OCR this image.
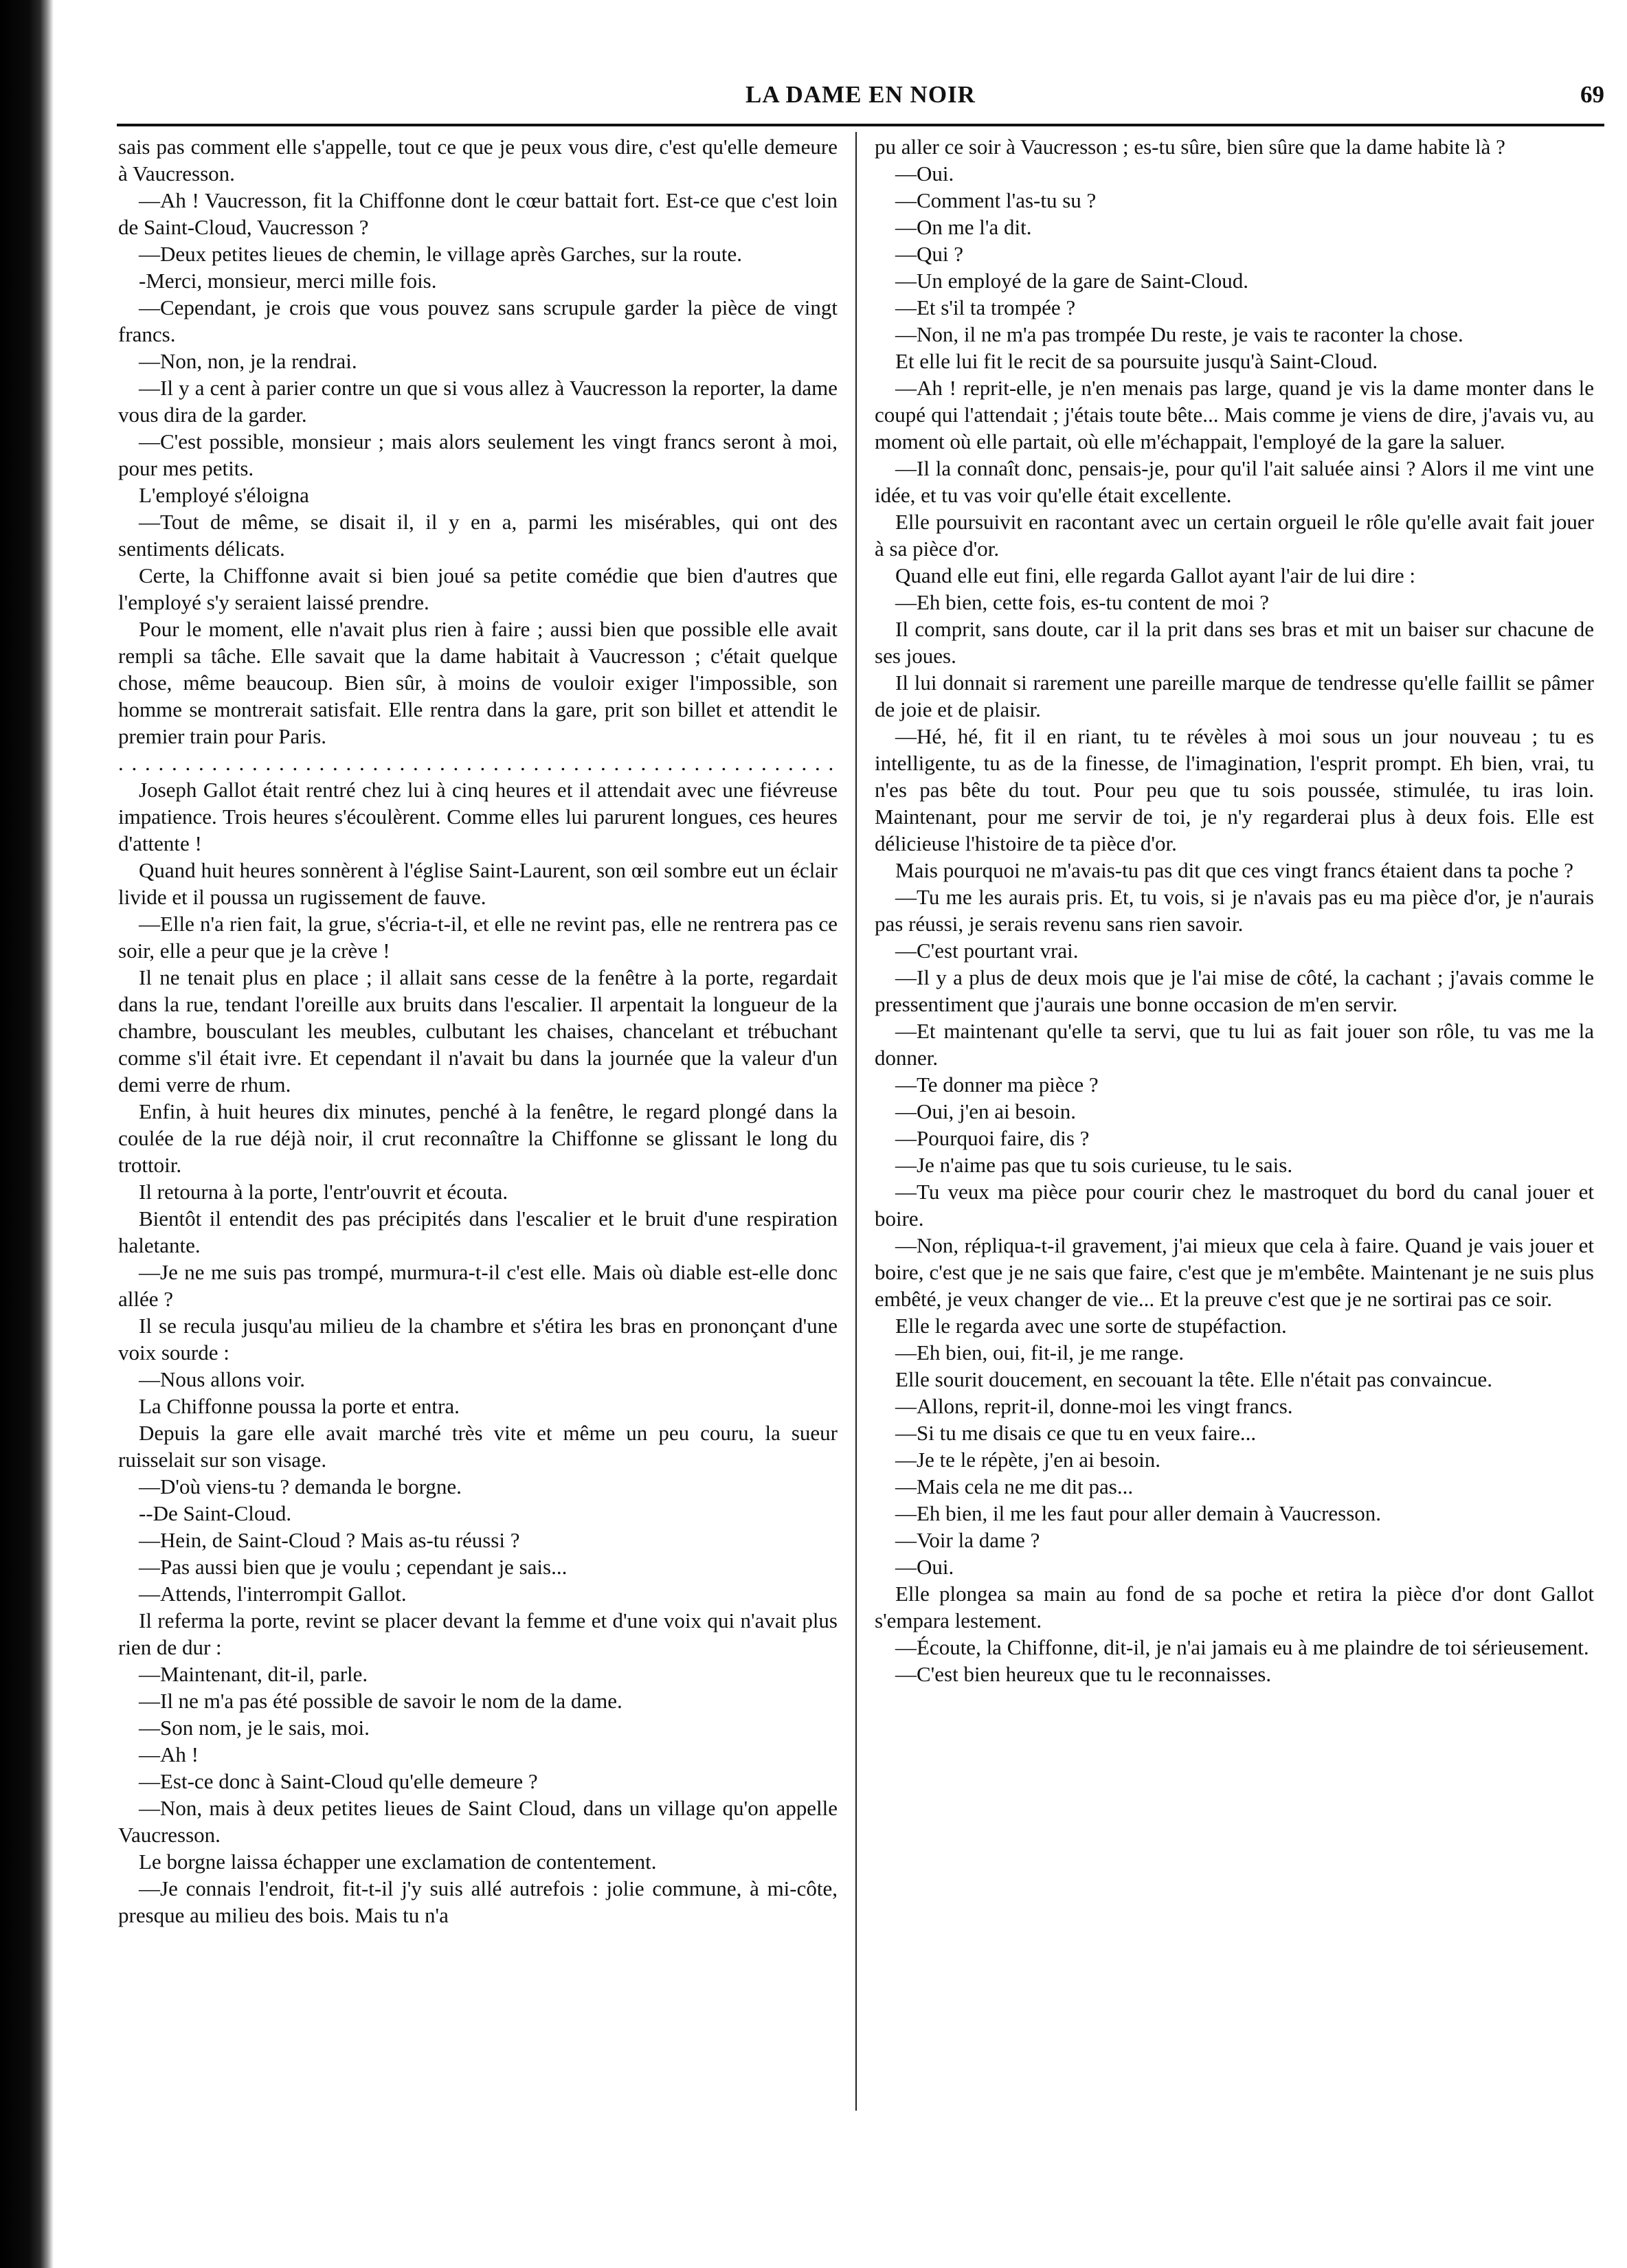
LA DAME EN NOIR	69

sais pas comment elle s'appelle, tout ce que je peux vous dire, c'est qu'elle demeure à Vaucresson.

—Ah ! Vaucresson, fit la Chiffonne dont le cœur battait fort. Est-ce que c'est loin de Saint-Cloud, Vaucresson ?

—Deux petites lieues de chemin, le village après Garches, sur la route.

-Merci, monsieur, merci mille fois.

—Cependant, je crois que vous pouvez sans scrupule garder la pièce de vingt francs.

—Non, non, je la rendrai.

—Il y a cent à parier contre un que si vous allez à Vaucresson la reporter, la dame vous dira de la garder.

—C'est possible, monsieur ; mais alors seulement les vingt francs seront à moi, pour mes petits.

L'employé s'éloigna

—Tout de même, se disait il, il y en a, parmi les misérables, qui ont des sentiments délicats.

Certe, la Chiffonne avait si bien joué sa petite comédie que bien d'autres que l'employé s'y seraient laissé prendre.

Pour le moment, elle n'avait plus rien à faire ; aussi bien que possible elle avait rempli sa tâche. Elle savait que la dame habitait à Vaucresson ; c'était quelque chose, même beaucoup. Bien sûr, à moins de vouloir exiger l'impossible, son homme se montrerait satisfait. Elle rentra dans la gare, prit son billet et attendit le premier train pour Paris.

. . .

Joseph Gallot était rentré chez lui à cinq heures et il attendait avec une fiévreuse impatience. Trois heures s'écoulèrent. Comme elles lui parurent longues, ces heures d'attente !

Quand huit heures sonnèrent à l'église Saint-Laurent, son œil sombre eut un éclair livide et il poussa un rugissement de fauve.

—Elle n'a rien fait, la grue, s'écria-t-il, et elle ne revint pas, elle ne rentrera pas ce soir, elle a peur que je la crève !

Il ne tenait plus en place ; il allait sans cesse de la fenêtre à la porte, regardait dans la rue, tendant l'oreille aux bruits dans l'escalier. Il arpentait la longueur de la chambre, bousculant les meubles, culbutant les chaises, chancelant et trébuchant comme s'il était ivre. Et cependant il n'avait bu dans la journée que la valeur d'un demi verre de rhum.

Enfin, à huit heures dix minutes, penché à la fenêtre, le regard plongé dans la coulée de la rue déjà noir, il crut reconnaître la Chiffonne se glissant le long du trottoir.

Il retourna à la porte, l'entr'ouvrit et écouta.

Bientôt il entendit des pas précipités dans l'escalier et le bruit d'une respiration haletante.

—Je ne me suis pas trompé, murmura-t-il c'est elle. Mais où diable est-elle donc allée ?

Il se recula jusqu'au milieu de la chambre et s'étira les bras en prononçant d'une voix sourde :

—Nous allons voir.

La Chiffonne poussa la porte et entra.

Depuis la gare elle avait marché très vite et même un peu couru, la sueur ruisselait sur son visage.

—D'où viens-tu ? demanda le borgne.

--De Saint-Cloud.

—Hein, de Saint-Cloud ? Mais as-tu réussi ?

—Pas aussi bien que je voulu ; cependant je sais...

—Attends, l'interrompit Gallot.

Il referma la porte, revint se placer devant la femme et d'une voix qui n'avait plus rien de dur :

—Maintenant, dit-il, parle.

—Il ne m'a pas été possible de savoir le nom de la dame.

—Son nom, je le sais, moi.

—Ah !

—Est-ce donc à Saint-Cloud qu'elle demeure ?

—Non, mais à deux petites lieues de Saint Cloud, dans un village qu'on appelle Vaucresson.

Le borgne laissa échapper une exclamation de contentement.

—Je connais l'endroit, fit-t-il j'y suis allé autrefois : jolie commune, à mi-côte, presque au milieu des bois. Mais tu n'a

pu aller ce soir à Vaucresson ; es-tu sûre, bien sûre que la dame habite là ?

—Oui.

—Comment l'as-tu su ?

—On me l'a dit.

—Qui ?

—Un employé de la gare de Saint-Cloud.

—Et s'il ta trompée ?

—Non, il ne m'a pas trompée Du reste, je vais te raconter la chose.

Et elle lui fit le recit de sa poursuite jusqu'à Saint-Cloud.

—Ah ! reprit-elle, je n'en menais pas large, quand je vis la dame monter dans le coupé qui l'attendait ; j'étais toute bête... Mais comme je viens de dire, j'avais vu, au moment où elle partait, où elle m'échappait, l'employé de la gare la saluer.

—Il la connaît donc, pensais-je, pour qu'il l'ait saluée ainsi ? Alors il me vint une idée, et tu vas voir qu'elle était excellente.

Elle poursuivit en racontant avec un certain orgueil le rôle qu'elle avait fait jouer à sa pièce d'or.

Quand elle eut fini, elle regarda Gallot ayant l'air de lui dire :

—Eh bien, cette fois, es-tu content de moi ?

Il comprit, sans doute, car il la prit dans ses bras et mit un baiser sur chacune de ses joues.

Il lui donnait si rarement une pareille marque de tendresse qu'elle faillit se pâmer de joie et de plaisir.

—Hé, hé, fit il en riant, tu te révèles à moi sous un jour nouveau ; tu es intelligente, tu as de la finesse, de l'imagination, l'esprit prompt. Eh bien, vrai, tu n'es pas bête du tout. Pour peu que tu sois poussée, stimulée, tu iras loin. Maintenant, pour me servir de toi, je n'y regarderai plus à deux fois. Elle est délicieuse l'histoire de ta pièce d'or.

Mais pourquoi ne m'avais-tu pas dit que ces vingt francs étaient dans ta poche ?

—Tu me les aurais pris. Et, tu vois, si je n'avais pas eu ma pièce d'or, je n'aurais pas réussi, je serais revenu sans rien savoir.

—C'est pourtant vrai.

—Il y a plus de deux mois que je l'ai mise de côté, la cachant ; j'avais comme le pressentiment que j'aurais une bonne occasion de m'en servir.

—Et maintenant qu'elle ta servi, que tu lui as fait jouer son rôle, tu vas me la donner.

—Te donner ma pièce ?

—Oui, j'en ai besoin.

—Pourquoi faire, dis ?

—Je n'aime pas que tu sois curieuse, tu le sais.

—Tu veux ma pièce pour courir chez le mastroquet du bord du canal jouer et boire.

—Non, répliqua-t-il gravement, j'ai mieux que cela à faire. Quand je vais jouer et boire, c'est que je ne sais que faire, c'est que je m'embête. Maintenant je ne suis plus embêté, je veux changer de vie... Et la preuve c'est que je ne sortirai pas ce soir.

Elle le regarda avec une sorte de stupéfaction.

—Eh bien, oui, fit-il, je me range.

Elle sourit doucement, en secouant la tête. Elle n'était pas convaincue.

—Allons, reprit-il, donne-moi les vingt francs.

—Si tu me disais ce que tu en veux faire...

—Je te le répète, j'en ai besoin.

—Mais cela ne me dit pas...

—Eh bien, il me les faut pour aller demain à Vaucresson.

—Voir la dame ?

—Oui.

Elle plongea sa main au fond de sa poche et retira la pièce d'or dont Gallot s'empara lestement.

—Écoute, la Chiffonne, dit-il, je n'ai jamais eu à me plaindre de toi sérieusement.

—C'est bien heureux que tu le reconnaisses.
